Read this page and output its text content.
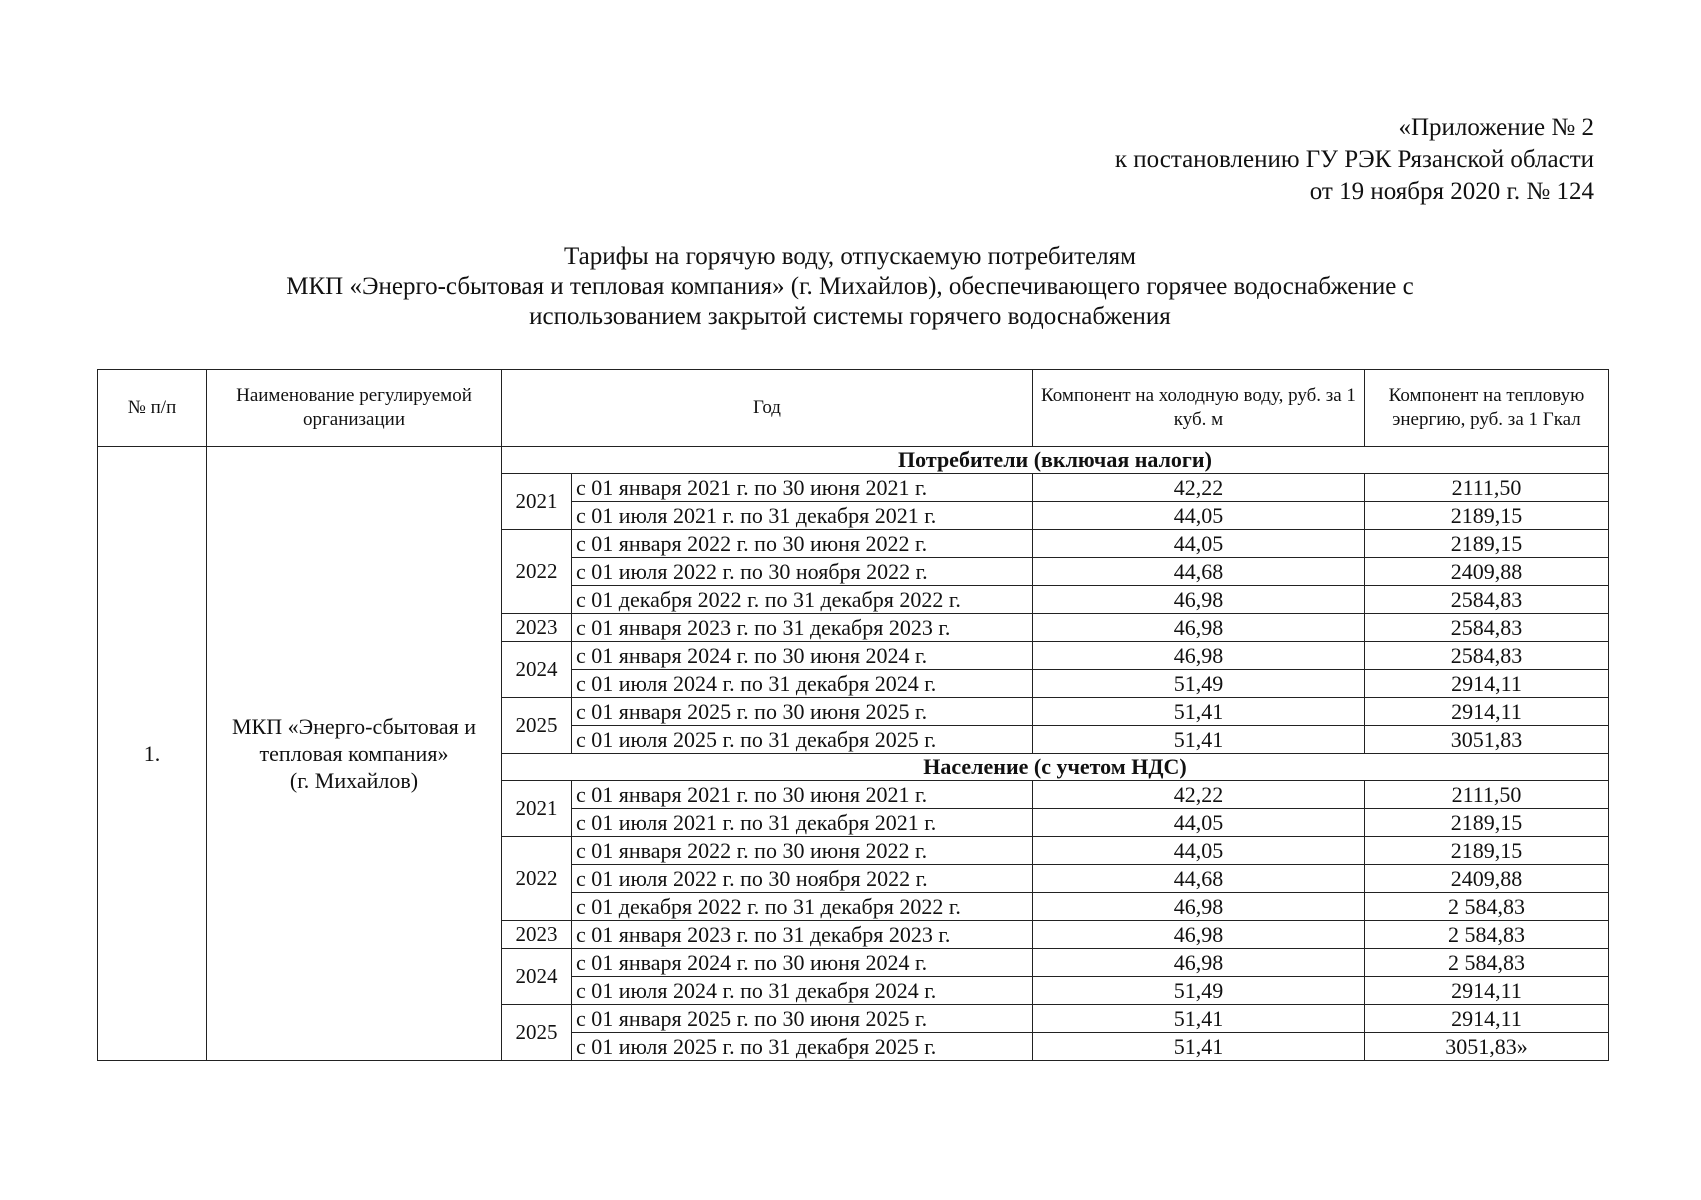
«Приложение № 2
к постановлению ГУ РЭК Рязанской области
от 19 ноября 2020 г. № 124
Тарифы на горячую воду, отпускаемую потребителям
МКП «Энерго-сбытовая и тепловая компания» (г. Михайлов), обеспечивающего горячее водоснабжение с
использованием закрытой системы горячего водоснабжения
№ п/п	Наименование регулируемой организации	Год		Компонент на холодную воду, руб. за 1 куб. м	Компонент на тепловую энергию, руб. за 1 Гкал
1.	МКП «Энерго-сбытовая и
тепловая компания»
(г. Михайлов)	Потребители (включая налоги)			
		2021	с 01 января 2021 г. по 30 июня 2021 г.	42,22	2111,50
			с 01 июля 2021 г. по 31 декабря 2021 г.	44,05	2189,15
		2022	с 01 января 2022 г. по 30 июня 2022 г.	44,05	2189,15
			с 01 июля 2022 г. по 30 ноября 2022 г.	44,68	2409,88
			с 01 декабря 2022 г. по 31 декабря 2022 г.	46,98	2584,83
		2023	с 01 января 2023 г. по 31 декабря 2023 г.	46,98	2584,83
		2024	с 01 января 2024 г. по 30 июня 2024 г.	46,98	2584,83
			с 01 июля 2024 г. по 31 декабря 2024 г.	51,49	2914,11
		2025	с 01 января 2025 г. по 30 июня 2025 г.	51,41	2914,11
			с 01 июля 2025 г. по 31 декабря 2025 г.	51,41	3051,83
		Население (с учетом НДС)			
		2021	с 01 января 2021 г. по 30 июня 2021 г.	42,22	2111,50
			с 01 июля 2021 г. по 31 декабря 2021 г.	44,05	2189,15
		2022	с 01 января 2022 г. по 30 июня 2022 г.	44,05	2189,15
			с 01 июля 2022 г. по 30 ноября 2022 г.	44,68	2409,88
			с 01 декабря 2022 г. по 31 декабря 2022 г.	46,98	2 584,83
		2023	с 01 января 2023 г. по 31 декабря 2023 г.	46,98	2 584,83
		2024	с 01 января 2024 г. по 30 июня 2024 г.	46,98	2 584,83
			с 01 июля 2024 г. по 31 декабря 2024 г.	51,49	2914,11
		2025	с 01 января 2025 г. по 30 июня 2025 г.	51,41	2914,11
			с 01 июля 2025 г. по 31 декабря 2025 г.	51,41	3051,83»
